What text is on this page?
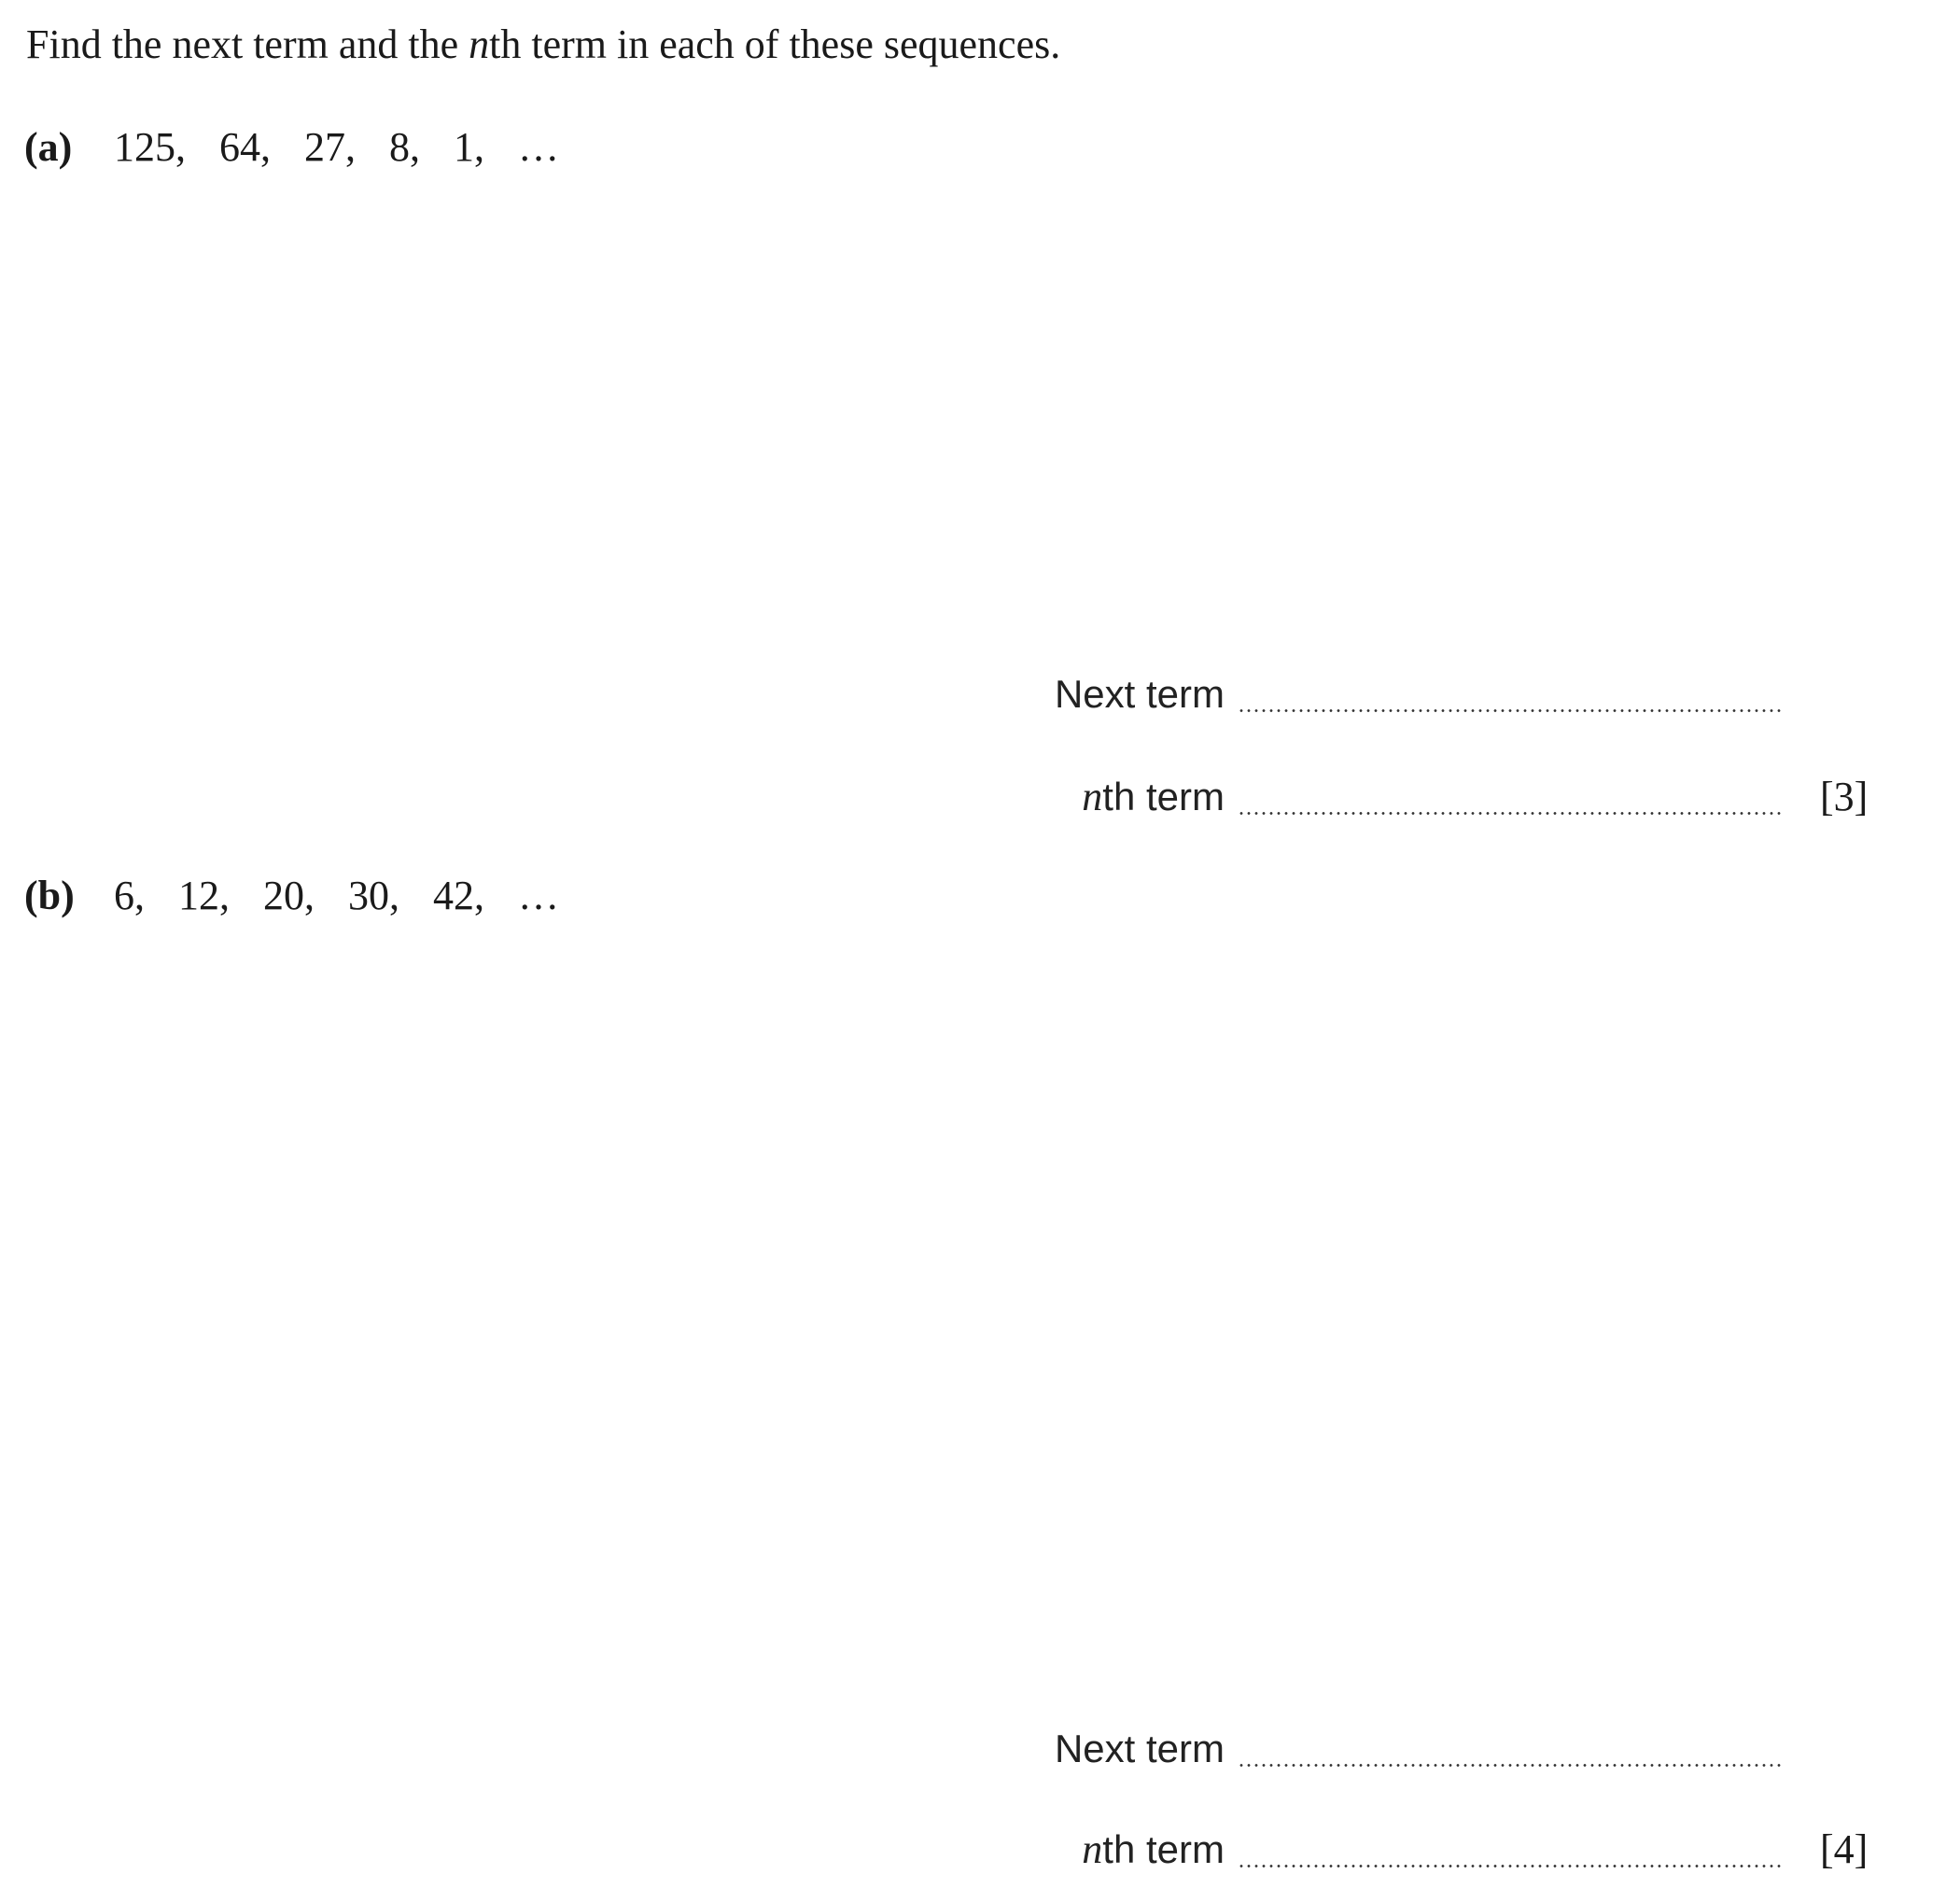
Find the next term and the nth term in each of these sequences.
(a) 125, 64, 27, 8, 1, …
Next term
nth term	[3]
(b) 6, 12, 20, 30, 42, …
Next term
nth term	[4]
